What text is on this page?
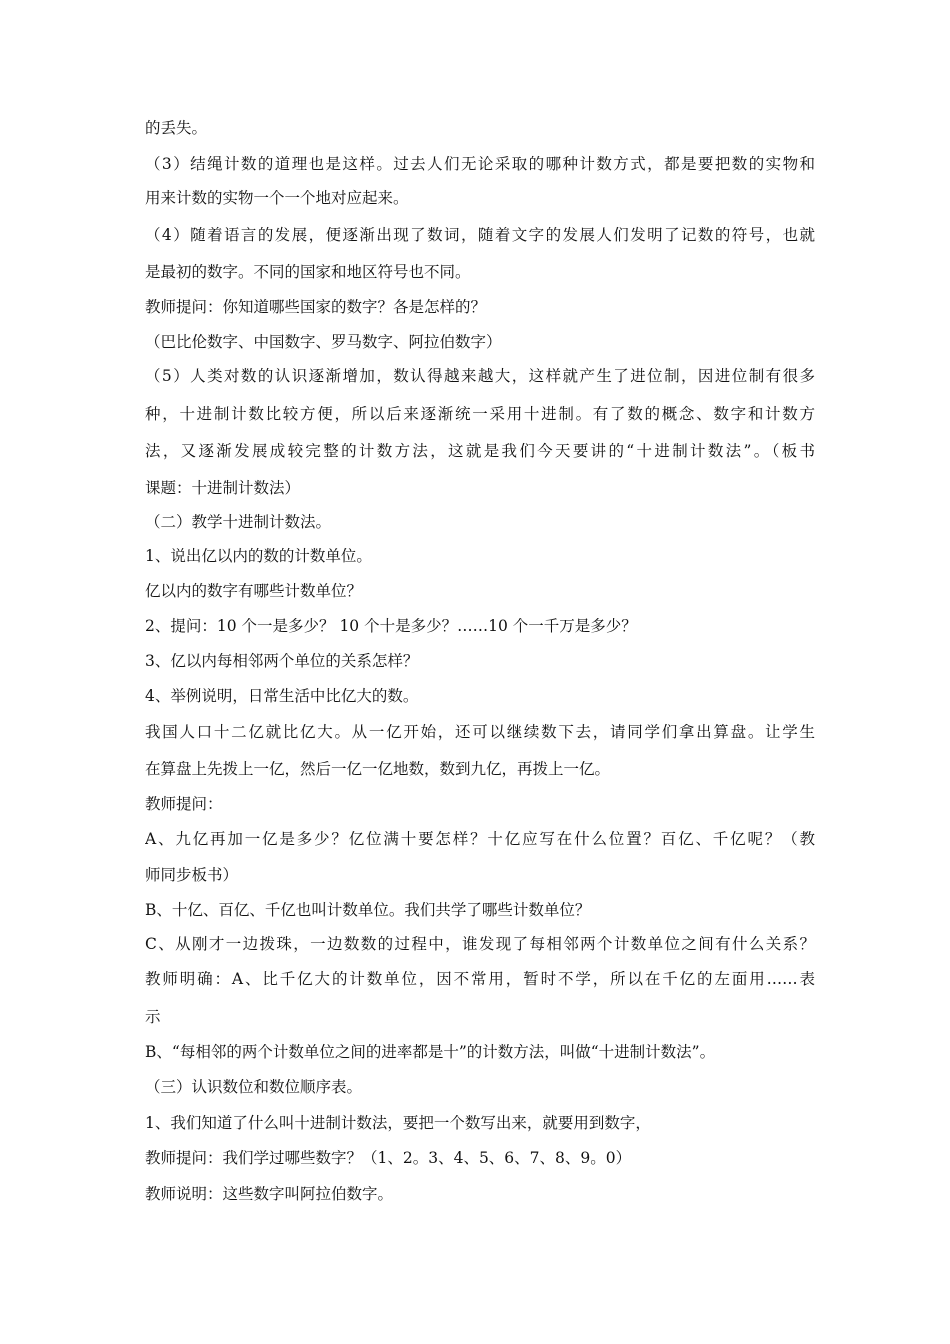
的丢失。
（3）结绳计数的道理也是这样。过去人们无论采取的哪种计数方式，都是要把数的实物和
用来计数的实物一个一个地对应起来。
（4）随着语言的发展，便逐渐出现了数词，随着文字的发展人们发明了记数的符号，也就
是最初的数字。不同的国家和地区符号也不同。
教师提问：你知道哪些国家的数字？各是怎样的？
（巴比伦数字、中国数字、罗马数字、阿拉伯数字）
（5）人类对数的认识逐渐增加，数认得越来越大，这样就产生了进位制，因进位制有很多
种，十进制计数比较方便，所以后来逐渐统一采用十进制。有了数的概念、数字和计数方
法，又逐渐发展成较完整的计数方法，这就是我们今天要讲的“十进制计数法”。（板书
课题：十进制计数法）
（二）教学十进制计数法。
1、说出亿以内的数的计数单位。
亿以内的数字有哪些计数单位？
2、提问：10 个一是多少？ 10 个十是多少？……10 个一千万是多少？
3、亿以内每相邻两个单位的关系怎样？
4、举例说明，日常生活中比亿大的数。
我国人口十二亿就比亿大。从一亿开始，还可以继续数下去，请同学们拿出算盘。让学生
在算盘上先拨上一亿，然后一亿一亿地数，数到九亿，再拨上一亿。
教师提问：
A、九亿再加一亿是多少？亿位满十要怎样？十亿应写在什么位置？百亿、千亿呢？（教
师同步板书）
B、十亿、百亿、千亿也叫计数单位。我们共学了哪些计数单位？
C、从刚才一边拨珠，一边数数的过程中，谁发现了每相邻两个计数单位之间有什么关系？
教师明确：A、比千亿大的计数单位，因不常用，暂时不学，所以在千亿的左面用……表
示
B、“每相邻的两个计数单位之间的进率都是十”的计数方法，叫做“十进制计数法”。
（三）认识数位和数位顺序表。
1、我们知道了什么叫十进制计数法，要把一个数写出来，就要用到数字，
教师提问：我们学过哪些数字？（1、2。3、4、5、6、7、8、9。0）
教师说明：这些数字叫阿拉伯数字。
